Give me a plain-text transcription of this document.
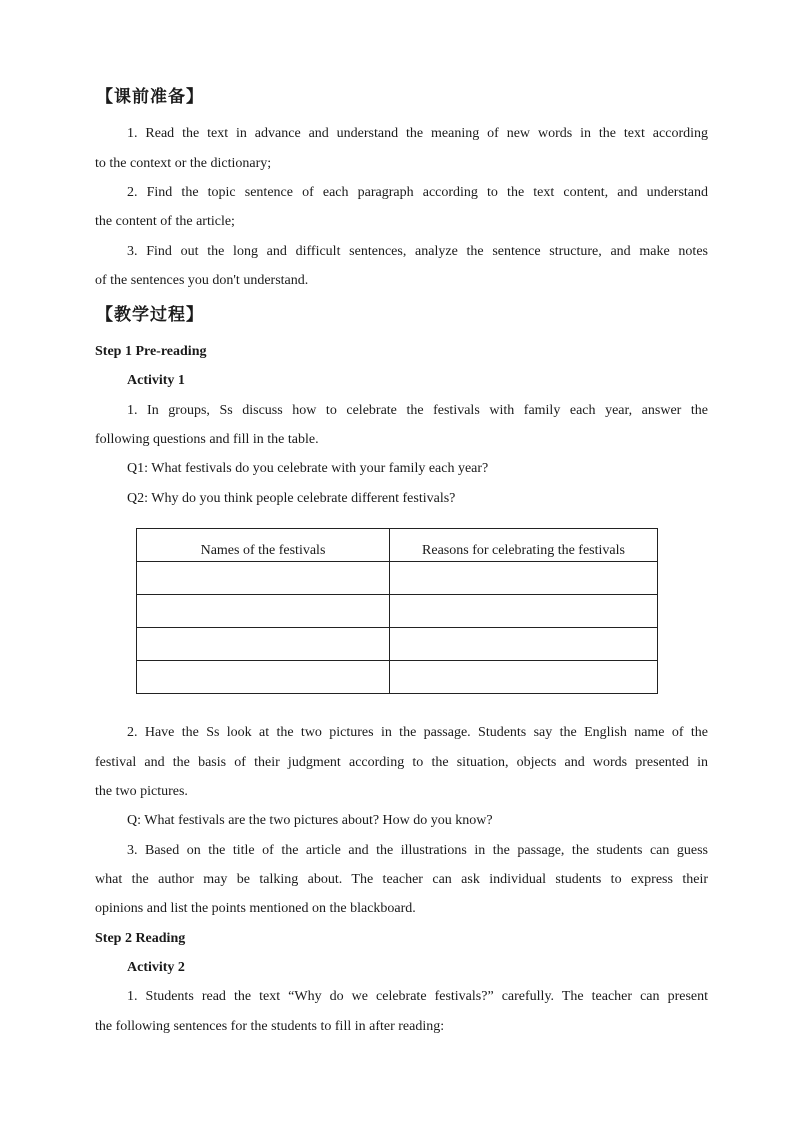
【课前准备】
1. Read the text in advance and understand the meaning of new words in the text according
to the context or the dictionary;
2. Find the topic sentence of each paragraph according to the text content, and understand
the content of the article;
3. Find out the long and difficult sentences, analyze the sentence structure, and make notes
of the sentences you don't understand.
【教学过程】
Step 1 Pre-reading
Activity 1
1. In groups, Ss discuss how to celebrate the festivals with family each year, answer the
following questions and fill in the table.
Q1: What festivals do you celebrate with your family each year?
Q2: Why do you think people celebrate different festivals?
Names of the festivals	Reasons for celebrating the festivals

2. Have the Ss look at the two pictures in the passage. Students say the English name of the
festival and the basis of their judgment according to the situation, objects and words presented in
the two pictures.
Q: What festivals are the two pictures about? How do you know?
3. Based on the title of the article and the illustrations in the passage, the students can guess
what the author may be talking about. The teacher can ask individual students to express their
opinions and list the points mentioned on the blackboard.
Step 2 Reading
Activity 2
1. Students read the text “Why do we celebrate festivals?” carefully. The teacher can present
the following sentences for the students to fill in after reading:
